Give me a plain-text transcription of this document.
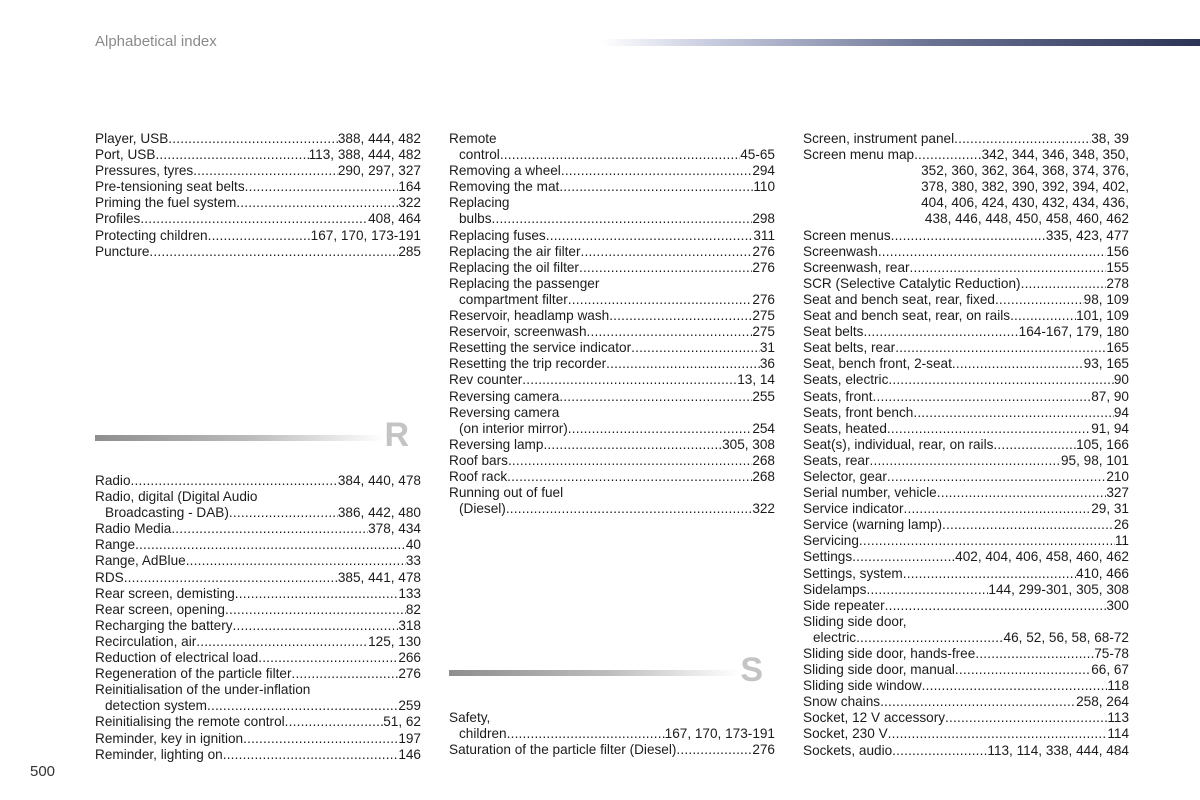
Alphabetical index
Player, USB .....	388, 444, 482
Port, USB .....	113, 388, 444, 482
Pressures, tyres .....	290, 297, 327
Pre-tensioning seat belts .....	164
Priming the fuel system .....	322
Profiles .....	408, 464
Protecting children .....	167, 170, 173-191
Puncture .....	285
R
Radio .....	384, 440, 478
Radio, digital (Digital Audio
Broadcasting - DAB) .....	386, 442, 480
Radio Media .....	378, 434
Range .....	40
Range, AdBlue .....	33
RDS .....	385, 441, 478
Rear screen, demisting .....	133
Rear screen, opening .....	82
Recharging the battery .....	318
Recirculation, air .....	125, 130
Reduction of electrical load .....	266
Regeneration of the particle filter .....	276
Reinitialisation of the under-inflation
detection system .....	259
Reinitialising the remote control .....	51, 62
Reminder, key in ignition .....	197
Reminder, lighting on .....	146
Remote
control .....	45-65
Removing a wheel .....	294
Removing the mat .....	110
Replacing
bulbs .....	298
Replacing fuses .....	311
Replacing the air filter .....	276
Replacing the oil filter .....	276
Replacing the passenger
compartment filter .....	276
Reservoir, headlamp wash .....	275
Reservoir, screenwash .....	275
Resetting the service indicator .....	31
Resetting the trip recorder .....	36
Rev counter .....	13, 14
Reversing camera .....	255
Reversing camera
(on interior mirror) .....	254
Reversing lamp .....	305, 308
Roof bars .....	268
Roof rack .....	268
Running out of fuel
(Diesel) .....	322
S
Safety,
children .....	167, 170, 173-191
Saturation of the particle filter (Diesel) .....	276
Screen, instrument panel .....	38, 39
Screen menu map .....	342, 344, 346, 348, 350,
352, 360, 362, 364, 368, 374, 376,
378, 380, 382, 390, 392, 394, 402,
404, 406, 424, 430, 432, 434, 436,
438, 446, 448, 450, 458, 460, 462
Screen menus .....	335, 423, 477
Screenwash .....	156
Screenwash, rear .....	155
SCR (Selective Catalytic Reduction) .....	278
Seat and bench seat, rear, fixed .....	98, 109
Seat and bench seat, rear, on rails .....	101, 109
Seat belts .....	164-167, 179, 180
Seat belts, rear .....	165
Seat, bench front, 2-seat .....	93, 165
Seats, electric .....	90
Seats, front .....	87, 90
Seats, front bench .....	94
Seats, heated .....	91, 94
Seat(s), individual, rear, on rails .....	105, 166
Seats, rear .....	95, 98, 101
Selector, gear .....	210
Serial number, vehicle .....	327
Service indicator .....	29, 31
Service (warning lamp) .....	26
Servicing .....	11
Settings .....	402, 404, 406, 458, 460, 462
Settings, system .....	410, 466
Sidelamps .....	144, 299-301, 305, 308
Side repeater .....	300
Sliding side door,
electric .....	46, 52, 56, 58, 68-72
Sliding side door, hands-free .....	75-78
Sliding side door, manual .....	66, 67
Sliding side window .....	118
Snow chains .....	258, 264
Socket, 12 V accessory .....	113
Socket, 230 V .....	114
Sockets, audio .....	113, 114, 338, 444, 484
500
